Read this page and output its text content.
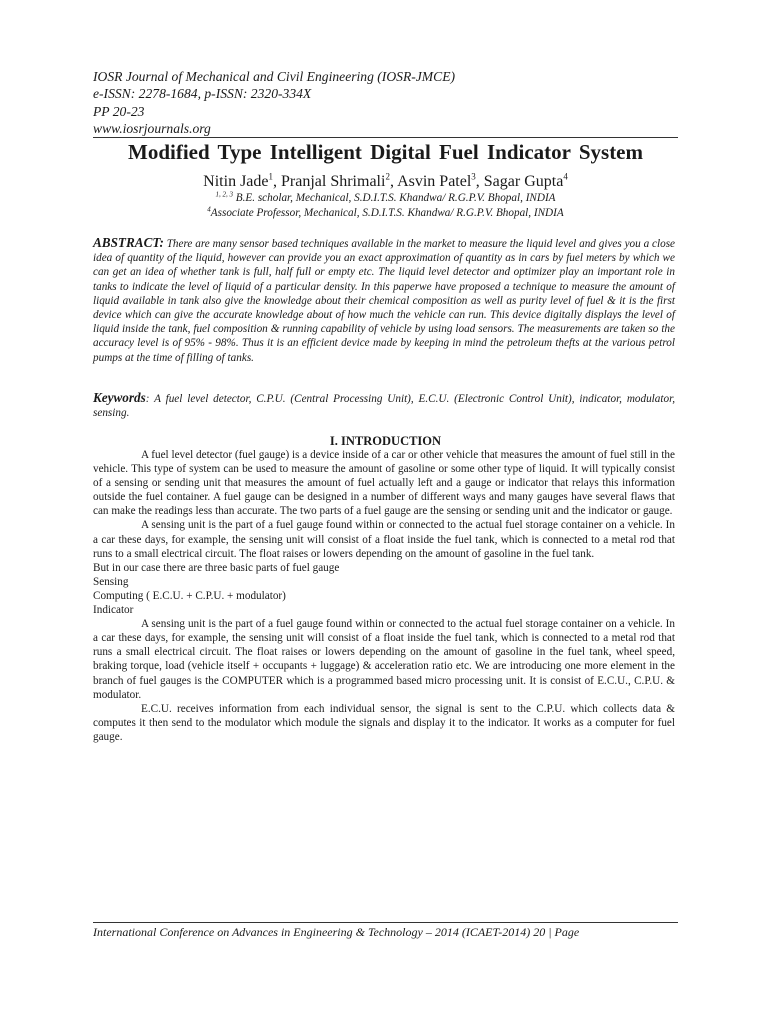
IOSR Journal of Mechanical and Civil Engineering (IOSR-JMCE)
e-ISSN: 2278-1684, p-ISSN: 2320-334X
PP 20-23
www.iosrjournals.org
Modified Type Intelligent Digital Fuel Indicator System
Nitin Jade$^1$, Pranjal Shrimali$^2$, Asvin Patel$^3$, Sagar Gupta$^4$
$^{1, 2, 3}$ B.E. scholar, Mechanical, S.D.I.T.S. Khandwa/ R.G.P.V. Bhopal, INDIA
$^4$Associate Professor, Mechanical, S.D.I.T.S. Khandwa/ R.G.P.V. Bhopal, INDIA
ABSTRACT: There are many sensor based techniques available in the market to measure the liquid level and gives you a close idea of quantity of the liquid, however can provide you an exact approximation of quantity as in cars by fuel meters by which we can get an idea of whether tank is full, half full or empty etc. The liquid level detector and optimizer play an important role in tanks to indicate the level of liquid of a particular density. In this paperwe have proposed a technique to measure the amount of liquid available in tank also give the knowledge about their chemical composition as well as purity level of fuel & it is the first device which can give the accurate knowledge about of how much the vehicle can run. This device digitally displays the level of liquid inside the tank, fuel composition & running capability of vehicle by using load sensors. The measurements are taken so the accuracy level is of 95% - 98%. Thus it is an efficient device made by keeping in mind the petroleum thefts at the various petrol pumps at the time of filling of tanks.
Keywords: A fuel level detector, C.P.U. (Central Processing Unit), E.C.U. (Electronic Control Unit), indicator, modulator, sensing.
I. INTRODUCTION

A fuel level detector (fuel gauge) is a device inside of a car or other vehicle that measures the amount of fuel still in the vehicle. This type of system can be used to measure the amount of gasoline or some other type of liquid. It will typically consist of a sensing or sending unit that measures the amount of fuel actually left and a gauge or indicator that relays this information outside the fuel container. A fuel gauge can be designed in a number of different ways and many gauges have several flaws that can make the readings less than accurate. The two parts of a fuel gauge are the sensing or sending unit and the indicator or gauge.

A sensing unit is the part of a fuel gauge found within or connected to the actual fuel storage container on a vehicle. In a car these days, for example, the sensing unit will consist of a float inside the fuel tank, which is connected to a metal rod that runs to a small electrical circuit. The float raises or lowers depending on the amount of gasoline in the fuel tank.

But in our case there are three basic parts of fuel gauge

Sensing

Computing ( E.C.U. + C.P.U. + modulator)

Indicator

A sensing unit is the part of a fuel gauge found within or connected to the actual fuel storage container on a vehicle. In a car these days, for example, the sensing unit will consist of a float inside the fuel tank, which is connected to a metal rod that runs a small electrical circuit. The float raises or lowers depending on the amount of gasoline in the fuel tank, wheel speed, braking torque, load (vehicle itself + occupants + luggage) & acceleration ratio etc. We are introducing one more element in the branch of fuel gauges is the COMPUTER which is a programmed based micro processing unit. It is consist of E.C.U., C.P.U. & modulator.

E.C.U. receives information from each individual sensor, the signal is sent to the C.P.U. which collects data & computes it then send to the modulator which module the signals and display it to the indicator. It works as a computer for fuel gauge.

International Conference on Advances in Engineering & Technology – 2014 (ICAET-2014) 20 | Page
